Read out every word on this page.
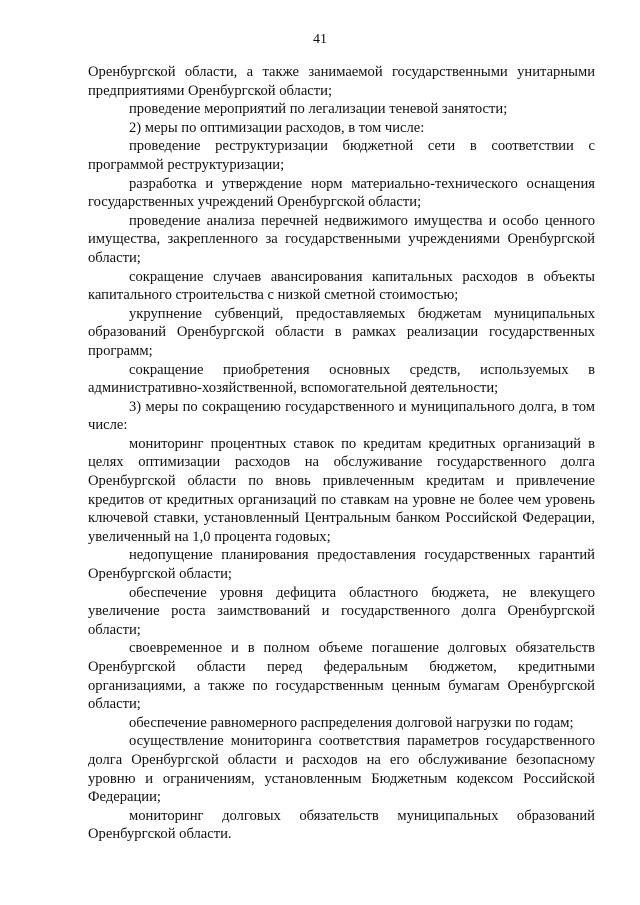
41

Оренбургской области, а также занимаемой государственными унитарными предприятиями Оренбургской области;

проведение мероприятий по легализации теневой занятости;

2) меры по оптимизации расходов, в том числе:

проведение реструктуризации бюджетной сети в соответствии с программой реструктуризации;

разработка и утверждение норм материально-технического оснащения государственных учреждений Оренбургской области;

проведение анализа перечней недвижимого имущества и особо ценного имущества, закрепленного за государственными учреждениями Оренбургской области;

сокращение случаев авансирования капитальных расходов в объекты капитального строительства с низкой сметной стоимостью;

укрупнение субвенций, предоставляемых бюджетам муниципальных образований Оренбургской области в рамках реализации государственных программ;

сокращение приобретения основных средств, используемых в административно-хозяйственной, вспомогательной деятельности;

3) меры по сокращению государственного и муниципального долга, в том числе:

мониторинг процентных ставок по кредитам кредитных организаций в целях оптимизации расходов на обслуживание государственного долга Оренбургской области по вновь привлеченным кредитам и привлечение кредитов от кредитных организаций по ставкам на уровне не более чем уровень ключевой ставки, установленный Центральным банком Российской Федерации, увеличенный на 1,0 процента годовых;

недопущение планирования предоставления государственных гарантий Оренбургской области;

обеспечение уровня дефицита областного бюджета, не влекущего увеличение роста заимствований и государственного долга Оренбургской области;

своевременное и в полном объеме погашение долговых обязательств Оренбургской области перед федеральным бюджетом, кредитными организациями, а также по государственным ценным бумагам Оренбургской области;

обеспечение равномерного распределения долговой нагрузки по годам;

осуществление мониторинга соответствия параметров государственного долга Оренбургской области и расходов на его обслуживание безопасному уровню и ограничениям, установленным Бюджетным кодексом Российской Федерации;

мониторинг долговых обязательств муниципальных образований Оренбургской области.
